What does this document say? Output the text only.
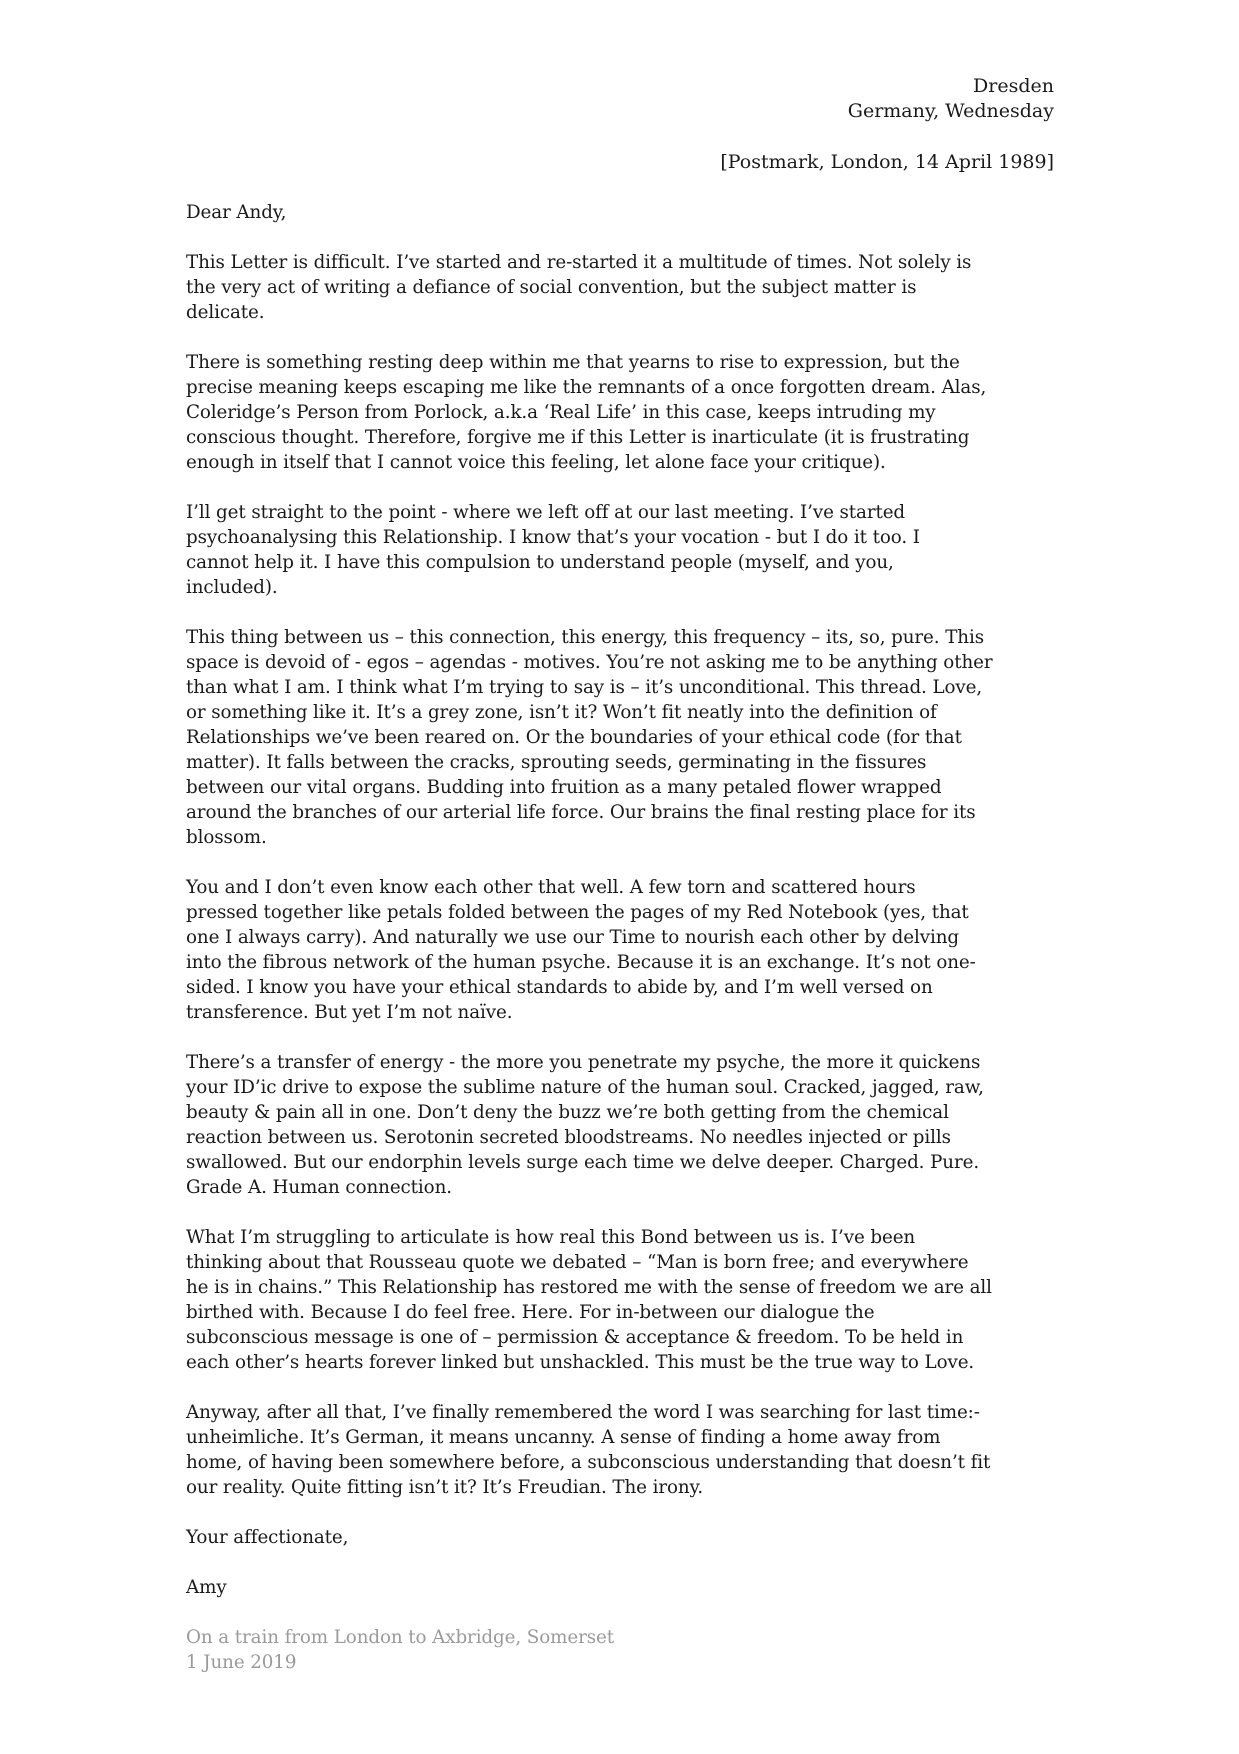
Dresden
Germany, Wednesday
[Postmark, London, 14 April 1989]
Dear Andy,
This Letter is difficult. I’ve started and re-started it a multitude of times. Not solely is
the very act of writing a defiance of social convention, but the subject matter is
delicate.
There is something resting deep within me that yearns to rise to expression, but the
precise meaning keeps escaping me like the remnants of a once forgotten dream. Alas,
Coleridge’s Person from Porlock, a.k.a ‘Real Life’ in this case, keeps intruding my
conscious thought. Therefore, forgive me if this Letter is inarticulate (it is frustrating
enough in itself that I cannot voice this feeling, let alone face your critique).
I’ll get straight to the point - where we left off at our last meeting. I’ve started
psychoanalysing this Relationship. I know that’s your vocation - but I do it too. I
cannot help it. I have this compulsion to understand people (myself, and you,
included).
This thing between us – this connection, this energy, this frequency – its, so, pure. This
space is devoid of - egos – agendas - motives. You’re not asking me to be anything other
than what I am. I think what I’m trying to say is – it’s unconditional. This thread. Love,
or something like it. It’s a grey zone, isn’t it? Won’t fit neatly into the definition of
Relationships we’ve been reared on. Or the boundaries of your ethical code (for that
matter). It falls between the cracks, sprouting seeds, germinating in the fissures
between our vital organs. Budding into fruition as a many petaled flower wrapped
around the branches of our arterial life force. Our brains the final resting place for its
blossom.
You and I don’t even know each other that well. A few torn and scattered hours
pressed together like petals folded between the pages of my Red Notebook (yes, that
one I always carry). And naturally we use our Time to nourish each other by delving
into the fibrous network of the human psyche. Because it is an exchange. It’s not one-
sided. I know you have your ethical standards to abide by, and I’m well versed on
transference. But yet I’m not naïve.
There’s a transfer of energy - the more you penetrate my psyche, the more it quickens
your ID’ic drive to expose the sublime nature of the human soul. Cracked, jagged, raw,
beauty & pain all in one. Don’t deny the buzz we’re both getting from the chemical
reaction between us. Serotonin secreted bloodstreams. No needles injected or pills
swallowed. But our endorphin levels surge each time we delve deeper. Charged. Pure.
Grade A. Human connection.
What I’m struggling to articulate is how real this Bond between us is. I’ve been
thinking about that Rousseau quote we debated – “Man is born free; and everywhere
he is in chains.” This Relationship has restored me with the sense of freedom we are all
birthed with. Because I do feel free. Here. For in-between our dialogue the
subconscious message is one of – permission & acceptance & freedom. To be held in
each other’s hearts forever linked but unshackled. This must be the true way to Love.
Anyway, after all that, I’ve finally remembered the word I was searching for last time:-
unheimliche. It’s German, it means uncanny. A sense of finding a home away from
home, of having been somewhere before, a subconscious understanding that doesn’t fit
our reality. Quite fitting isn’t it? It’s Freudian. The irony.
Your affectionate,
Amy
On a train from London to Axbridge, Somerset
1 June 2019
